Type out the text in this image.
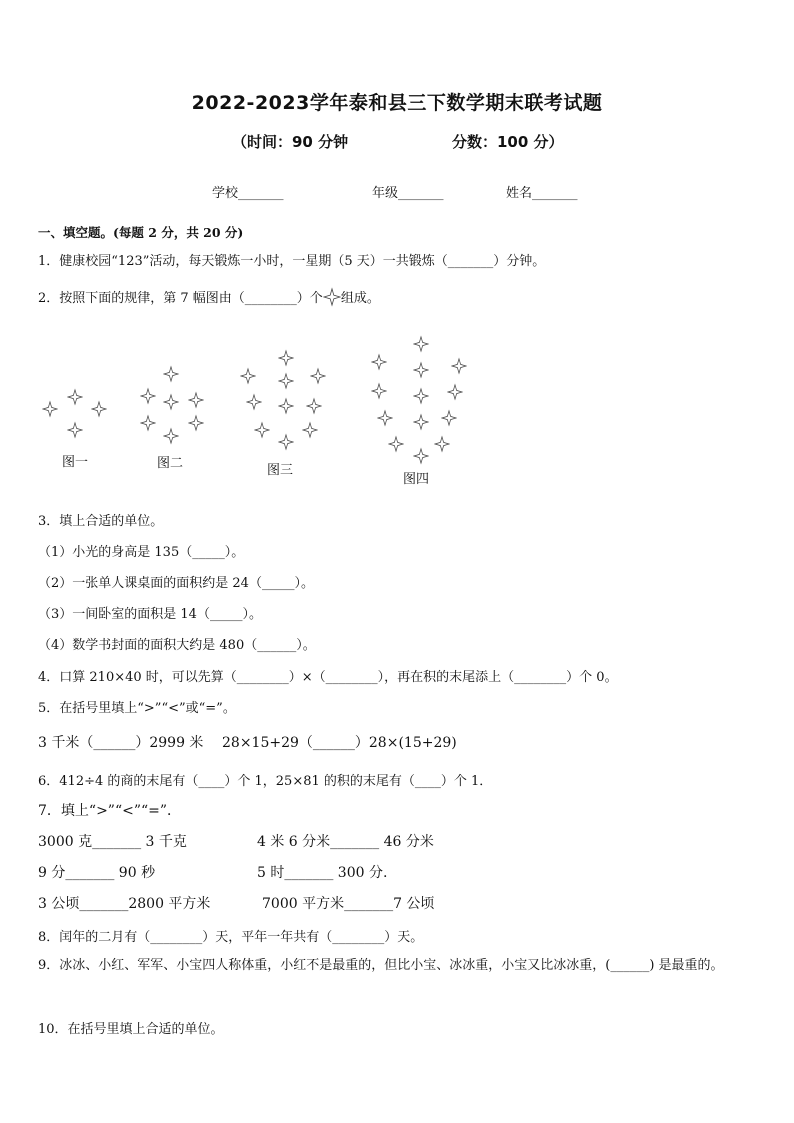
2022-2023学年泰和县三下数学期末联考试题
（时间：90 分钟	分数：100 分）
学校_______	年级_______	姓名_______
一、填空题。(每题 2 分，共 20 分)
1．健康校园“123”活动，每天锻炼一小时，一星期（5 天）一共锻炼（_______）分钟。
2．按照下面的规律，第 7 幅图由（________）个 组成。
图一	图二	图三
图四
3．填上合适的单位。
（1）小光的身高是 135（_____）。
（2）一张单人课桌面的面积约是 24（_____）。
（3）一间卧室的面积是 14（_____）。
（4）数学书封面的面积大约是 480（______）。
4．口算 210×40 时，可以先算（________）×（________），再在积的末尾添上（________）个 0。
5．在括号里填上“>”“<”或“=”。
3 千米（______）2999 米 28×15+29（______）28×(15+29)
6．412÷4 的商的末尾有（____）个 1，25×81 的积的末尾有（____）个 1．
7．填上“>”“<”“=”．
3000 克_______ 3 千克	4 米 6 分米_______ 46 分米
9 分_______ 90 秒	5 时_______ 300 分.
3 公顷_______2800 平方米	7000 平方米_______7 公顷
8．闰年的二月有（________）天，平年一年共有（________）天。
9．冰冰、小红、军军、小宝四人称体重，小红不是最重的，但比小宝、冰冰重，小宝又比冰冰重，(______) 是最重的。
10．在括号里填上合适的单位。
